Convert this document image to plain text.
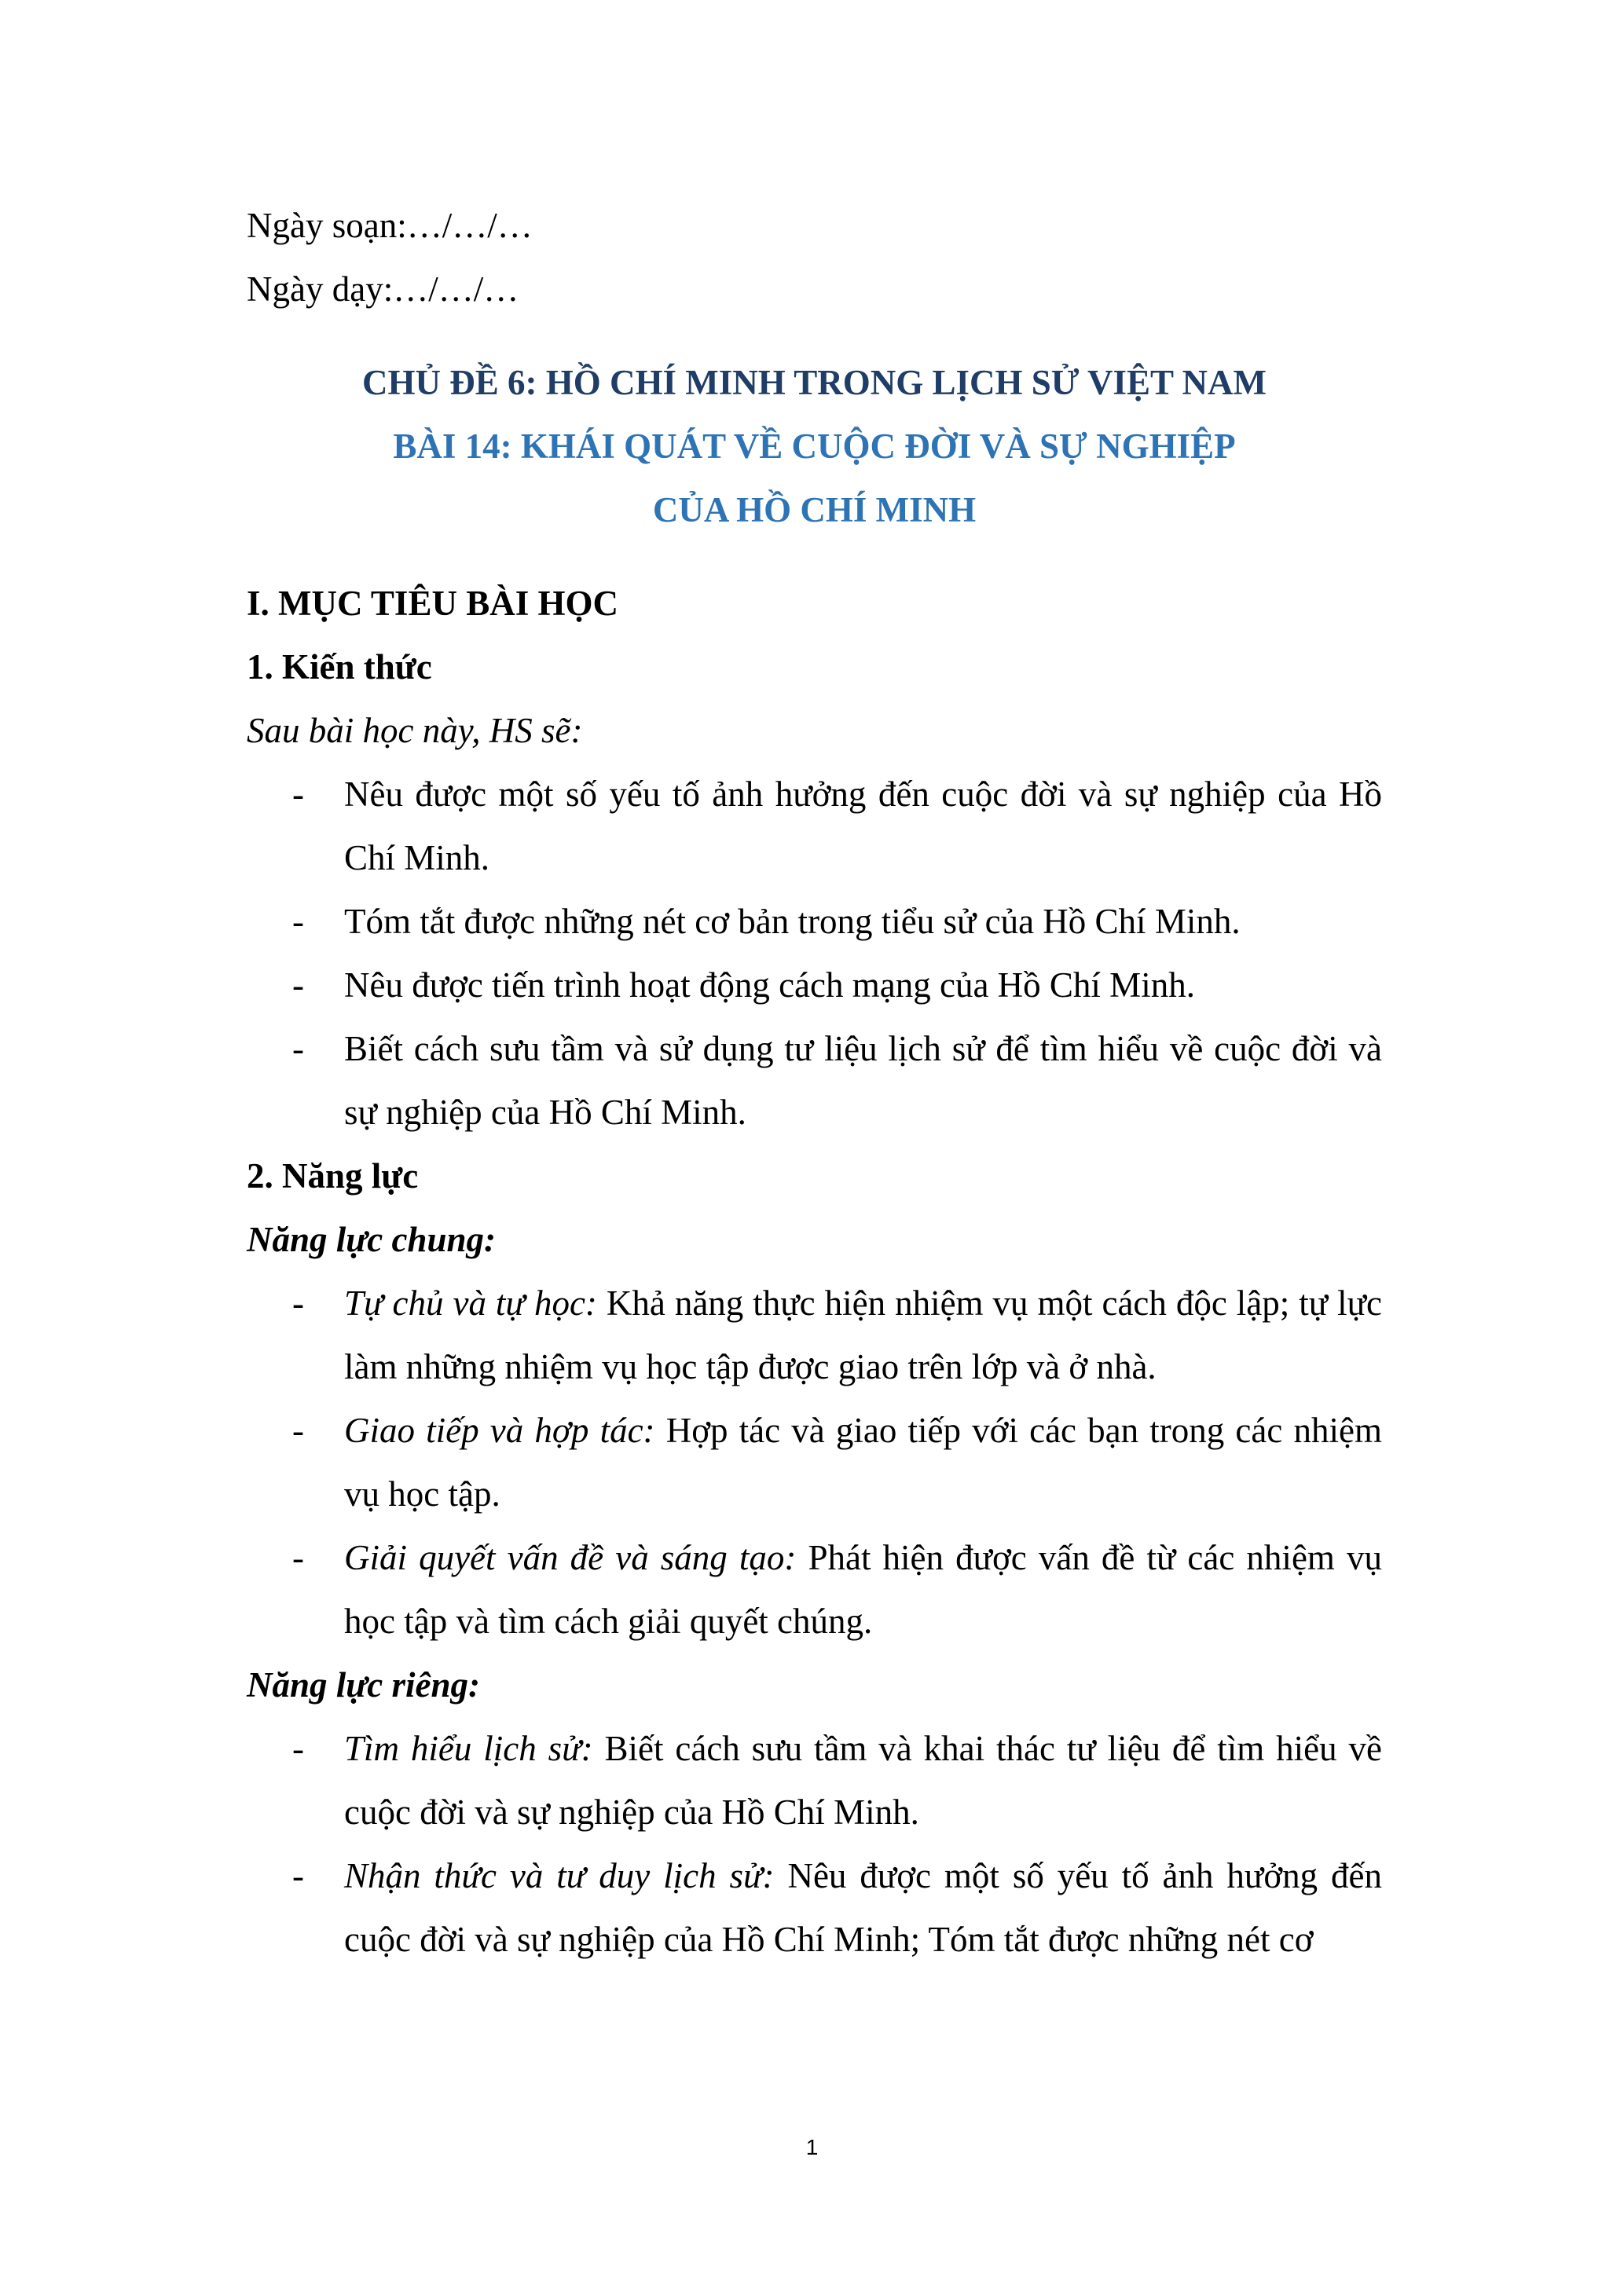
Ngày soạn:…/…/…
Ngày dạy:…/…/…
CHỦ ĐỀ 6: HỒ CHÍ MINH TRONG LỊCH SỬ VIỆT NAM
BÀI 14: KHÁI QUÁT VỀ CUỘC ĐỜI VÀ SỰ NGHIỆP
CỦA HỒ CHÍ MINH
I. MỤC TIÊU BÀI HỌC
1. Kiến thức
Sau bài học này, HS sẽ:
- Nêu được một số yếu tố ảnh hưởng đến cuộc đời và sự nghiệp của Hồ Chí Minh.
- Tóm tắt được những nét cơ bản trong tiểu sử của Hồ Chí Minh.
- Nêu được tiến trình hoạt động cách mạng của Hồ Chí Minh.
- Biết cách sưu tầm và sử dụng tư liệu lịch sử để tìm hiểu về cuộc đời và sự nghiệp của Hồ Chí Minh.
2. Năng lực
Năng lực chung:
- Tự chủ và tự học: Khả năng thực hiện nhiệm vụ một cách độc lập; tự lực làm những nhiệm vụ học tập được giao trên lớp và ở nhà.
- Giao tiếp và hợp tác: Hợp tác và giao tiếp với các bạn trong các nhiệm vụ học tập.
- Giải quyết vấn đề và sáng tạo: Phát hiện được vấn đề từ các nhiệm vụ học tập và tìm cách giải quyết chúng.
Năng lực riêng:
- Tìm hiểu lịch sử: Biết cách sưu tầm và khai thác tư liệu để tìm hiểu về cuộc đời và sự nghiệp của Hồ Chí Minh.
- Nhận thức và tư duy lịch sử: Nêu được một số yếu tố ảnh hưởng đến cuộc đời và sự nghiệp của Hồ Chí Minh; Tóm tắt được những nét cơ
1
